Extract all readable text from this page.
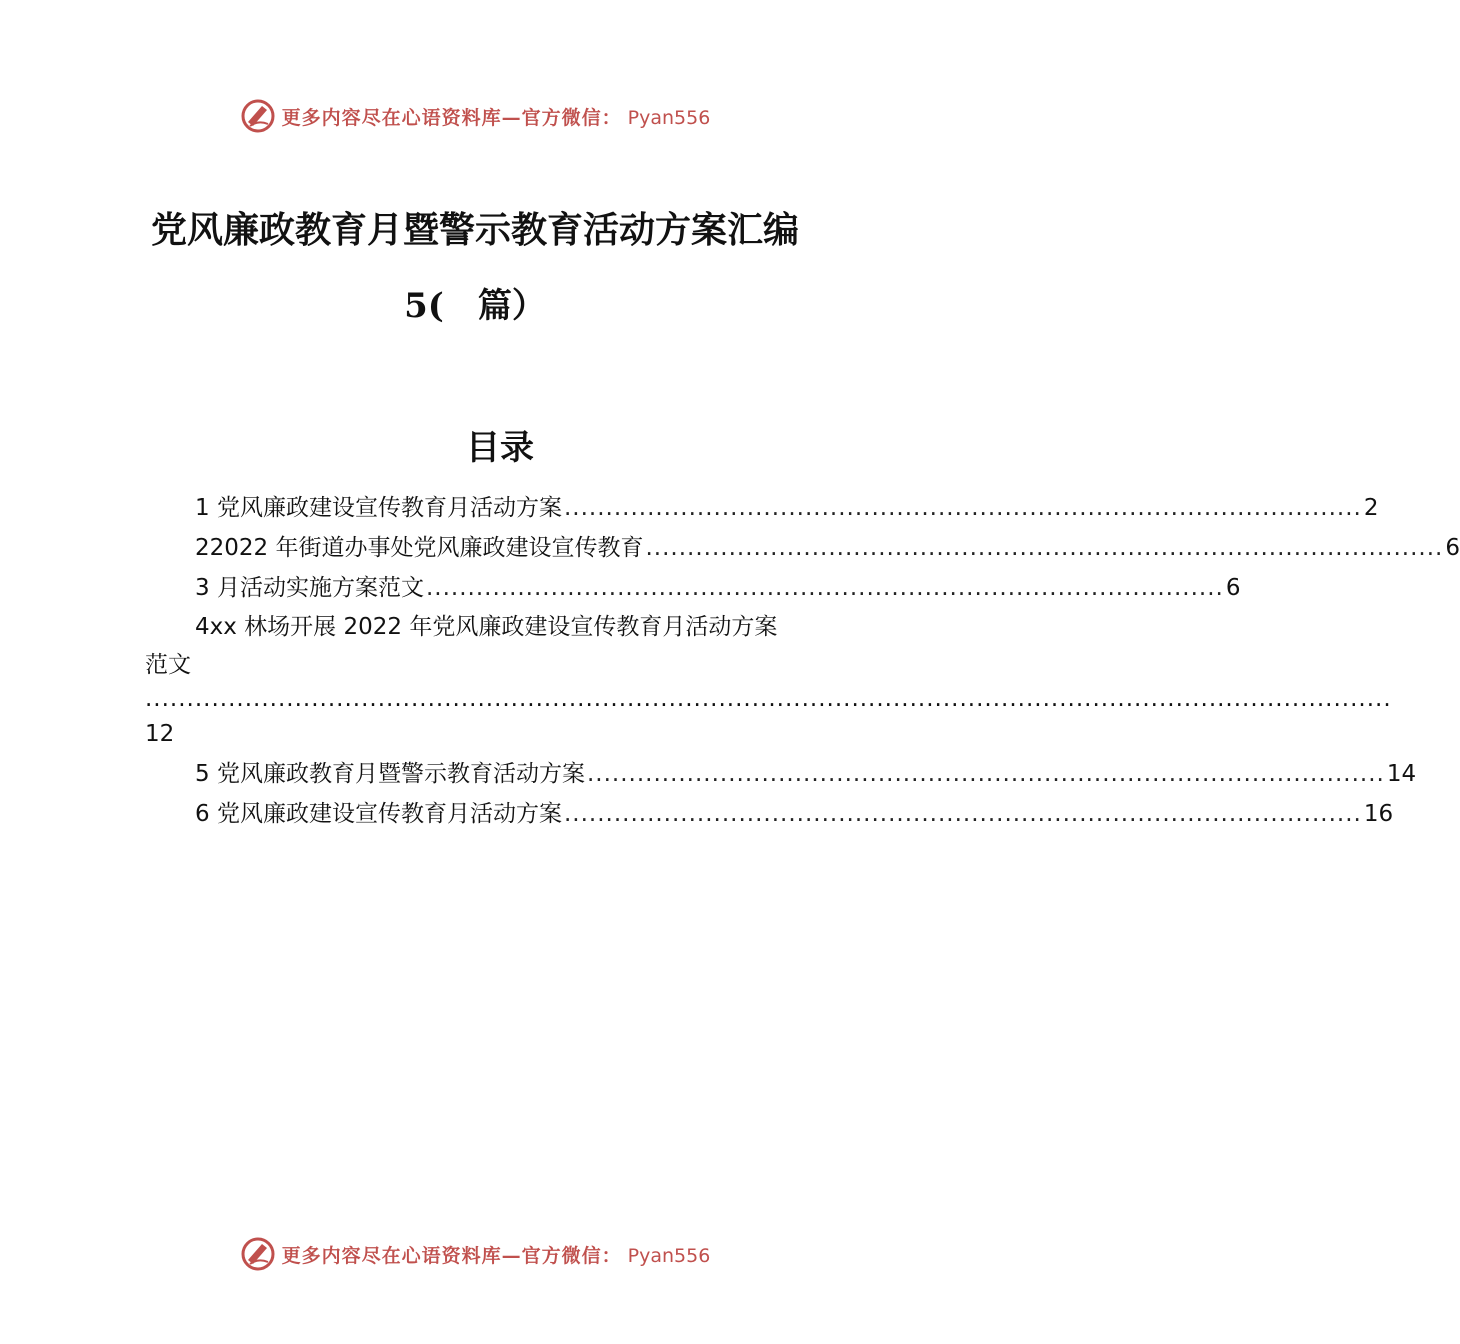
更多内容尽在心语资料库—官方微信： Pyan556
党风廉政教育月暨警示教育活动方案汇编
5(　篇）
目录
1 党风廉政建设宣传教育月活动方案 ................................................................................................ 2
22022 年街道办事处党风廉政建设宣传教育 ................................................................................................ 6
3 月活动实施方案范文 ................................................................................................ 6
4xx 林场开展 2022 年党风廉政建设宣传教育月活动方案范文
......................................................................................................................................................
12
5 党风廉政教育月暨警示教育活动方案 ................................................................................................ 14
6 党风廉政建设宣传教育月活动方案 ................................................................................................ 16
更多内容尽在心语资料库—官方微信： Pyan556
